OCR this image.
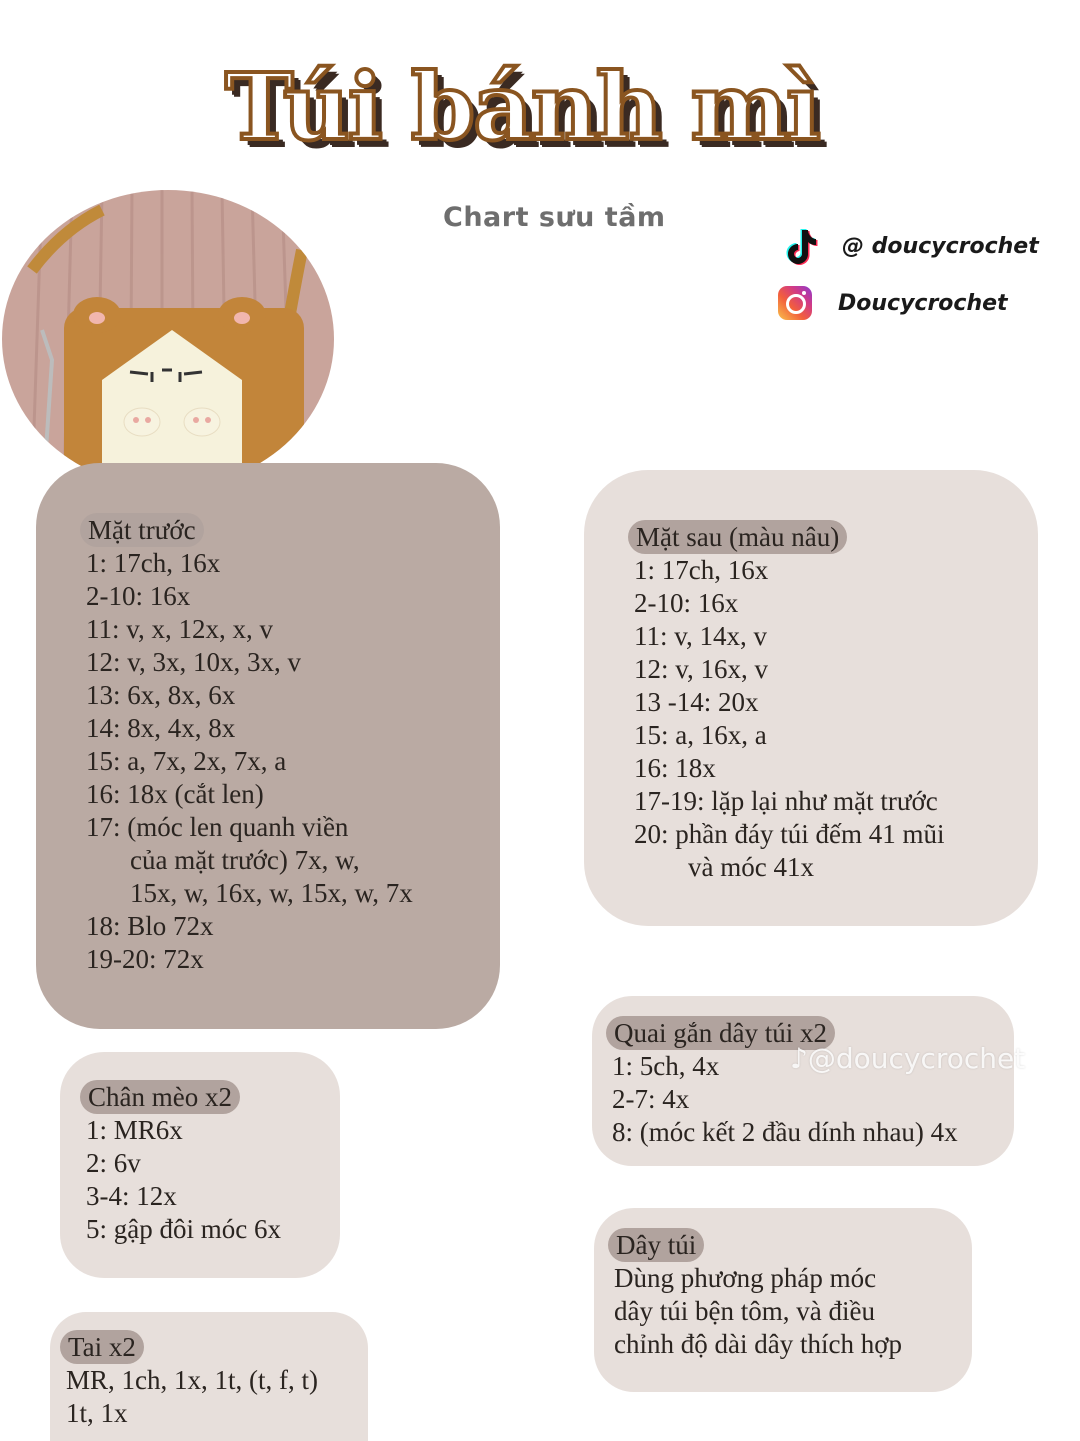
Túi bánh mì
Chart sưu tầm
@ doucycrochet
Doucycrochet
Mặt trước
1: 17ch, 16x
2-10: 16x
11: v, x, 12x, x, v
12: v, 3x, 10x, 3x, v
13: 6x, 8x, 6x
14: 8x, 4x, 8x
15: a, 7x, 2x, 7x, a
16: 18x (cắt len)
17: (móc len quanh viền
của mặt trước) 7x, w,
15x, w, 16x, w, 15x, w, 7x
18: Blo 72x
19-20: 72x
Mặt sau (màu nâu)
1: 17ch, 16x
2-10: 16x
11: v, 14x, v
12: v, 16x, v
13 -14: 20x
15: a, 16x, a
16: 18x
17-19: lặp lại như mặt trước
20: phần đáy túi đếm 41 mũi
và móc 41x
Chân mèo x2
1: MR6x
2: 6v
3-4: 12x
5: gập đôi móc 6x
Quai gắn dây túi x2
1: 5ch, 4x
2-7: 4x
8: (móc kết 2 đầu dính nhau) 4x
Dây túi
Dùng phương pháp móc
dây túi bện tôm, và điều
chỉnh độ dài dây thích hợp
Tai x2
MR, 1ch, 1x, 1t, (t, f, t)
1t, 1x
♪@doucycrochet
